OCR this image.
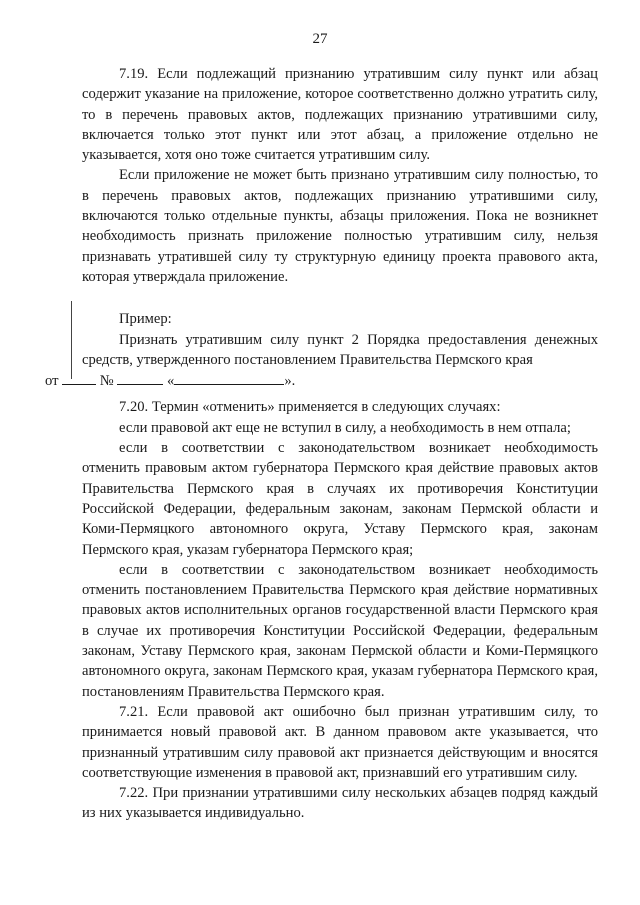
27

7.19. Если подлежащий признанию утратившим силу пункт или абзац содержит указание на приложение, которое соответственно должно утратить силу, то в перечень правовых актов, подлежащих признанию утратившими силу, включается только этот пункт или этот абзац, а приложение отдельно не указывается, хотя оно тоже считается утратившим силу.

Если приложение не может быть признано утратившим силу полностью, то в перечень правовых актов, подлежащих признанию утратившими силу, включаются только отдельные пункты, абзацы приложения. Пока не возникнет необходимость признать приложение полностью утратившим силу, нельзя признавать утратившей силу ту структурную единицу проекта правового акта, которая утверждала приложение.

Пример:

Признать утратившим силу пункт 2 Порядка предоставления денежных средств, утвержденного постановлением Правительства Пермского края
от	№	«	».

7.20. Термин «отменить» применяется в следующих случаях:

если правовой акт еще не вступил в силу, а необходимость в нем отпала;

если в соответствии с законодательством возникает необходимость отменить правовым актом губернатора Пермского края действие правовых актов Правительства Пермского края в случаях их противоречия Конституции Российской Федерации, федеральным законам, законам Пермской области и Коми-Пермяцкого автономного округа, Уставу Пермского края, законам Пермского края, указам губернатора Пермского края;

если в соответствии с законодательством возникает необходимость отменить постановлением Правительства Пермского края действие нормативных правовых актов исполнительных органов государственной власти Пермского края в случае их противоречия Конституции Российской Федерации, федеральным законам, Уставу Пермского края, законам Пермской области и Коми-Пермяцкого автономного округа, законам Пермского края, указам губернатора Пермского края, постановлениям Правительства Пермского края.

7.21. Если правовой акт ошибочно был признан утратившим силу, то принимается новый правовой акт. В данном правовом акте указывается, что признанный утратившим силу правовой акт признается действующим и вносятся соответствующие изменения в правовой акт, признавший его утратившим силу.

7.22. При признании утратившими силу нескольких абзацев подряд каждый из них указывается индивидуально.
